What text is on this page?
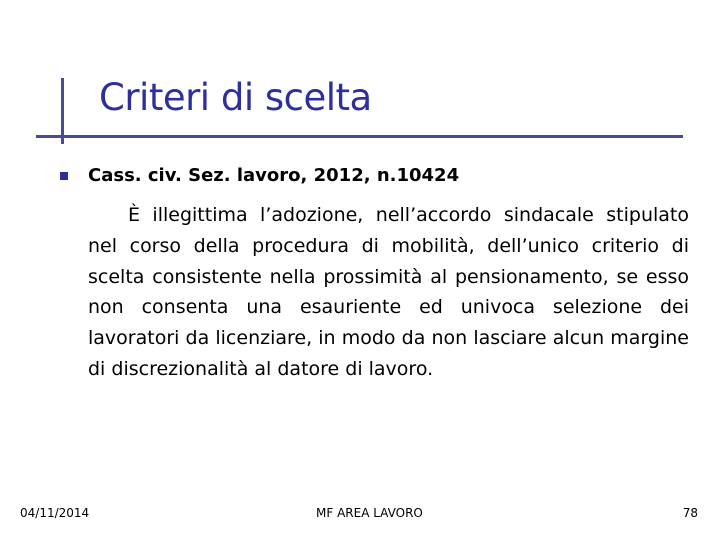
Criteri di scelta
Cass. civ. Sez. lavoro, 2012, n.10424

È illegittima l’adozione, nell’accordo sindacale stipulato nel corso della procedura di mobilità, dell’unico criterio di scelta consistente nella prossimità al pensionamento, se esso non consenta una esauriente ed univoca selezione dei lavoratori da licenziare, in modo da non lasciare alcun margine di discrezionalità al datore di lavoro.

04/11/2014	MF AREA LAVORO	78
